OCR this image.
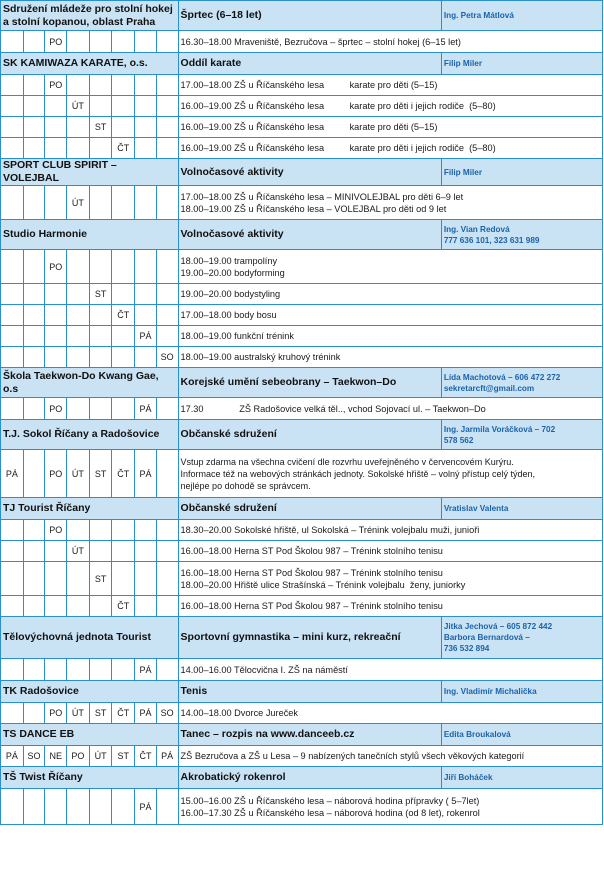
Sdružení mládeže pro stolní hokej
a stolní kopanou, oblast Praha								Šprtec (6–18 let)	Ing. Petra Mátlová

		PO						16.30–18.00 Mraveniště, Bezručova – šprtec – stolní hokej (6–15 let)	

SK KAMIWAZA KARATE, o.s.								Oddíl karate	Filip Miler

		PO						17.00–18.00 ZŠ u Říčanského lesa          karate pro děti (5–15)	

			ÚT					16.00–19.00 ZŠ u Říčanského lesa          karate pro děti i jejich rodiče  (5–80)	

				ST				16.00–19.00 ZŠ u Říčanského lesa          karate pro děti (5–15)	

					ČT			16.00–19.00 ZŠ u Říčanského lesa          karate pro děti i jejich rodiče  (5–80)	

SPORT CLUB SPIRIT – VOLEJBAL								Volnočasové aktivity	Filip Miler

			ÚT					17.00–18.00 ZŠ u Říčanského lesa – MINIVOLEJBAL pro děti 6–9 let
18.00–19.00 ZŠ u Říčanského lesa – VOLEJBAL pro děti od 9 let	

Studio Harmonie								Volnočasové aktivity	Ing. Vian Redová
777 636 101, 323 631 989

		PO						18.00–19.00 trampolíny
19.00–20.00 bodyforming	

				ST				19.00–20.00 bodystyling	

					ČT			17.00–18.00 body bosu	

						PÁ		18.00–19.00 funkční trénink	

							SO	18.00–19.00 australský kruhový trénink	

Škola Taekwon-Do Kwang Gae, o.s								Korejské umění sebeobrany – Taekwon–Do	Lída Machotová – 606 472 272
sekretarcft@gmail.com

		PO				PÁ		17.30              ZŠ Radošovice velká těl.., vchod Sojovací ul. – Taekwon–Do	

T.J. Sokol Říčany a Radošovice								Občanské sdružení	Ing. Jarmila Voráčková – 702
578 562

PÁ		PO	ÚT	ST	ČT	PÁ		Vstup zdarma na všechna cvičení dle rozvrhu uveřejněného v červencovém Kurýru.
Informace též na webových stránkách jednoty. Sokolské hřiště – volný přístup celý týden,
nejlépe po dohodě se správcem.	

TJ Tourist Říčany								Občanské sdružení	Vratislav Valenta

		PO						18.30–20.00 Sokolské hřiště, ul Sokolská – Trénink volejbalu muži, junioři	

			ÚT					16.00–18.00 Herna ST Pod Školou 987 – Trénink stolního tenisu	

				ST				16.00–18.00 Herna ST Pod Školou 987 – Trénink stolního tenisu
18.00–20.00 Hřiště ulice Strašínská – Trénink volejbalu  ženy, juniorky	

					ČT			16.00–18.00 Herna ST Pod Školou 987 – Trénink stolního tenisu	

Tělovýchovná jednota Tourist								Sportovní gymnastika – mini kurz, rekreační	Jitka Jechová – 605 872 442
Barbora Bernardová –
736 532 894

						PÁ		14.00–16.00 Tělocvična I. ZŠ na náměstí	

TK Radošovice								Tenis	Ing. Vladimír Michalička

		PO	ÚT	ST	ČT	PÁ	SO	14.00–18.00 Dvorce Jureček	

TS DANCE EB								Tanec – rozpis na www.danceeb.cz	Edita Broukalová

PÁ	SO	NE	PO	ÚT	ST	ČT	PÁ	ZŠ Bezručova a ZŠ u Lesa – 9 nabízených tanečních stylů všech věkových kategorií	

TŠ Twist Říčany								Akrobatický rokenrol	Jiří Boháček

						PÁ		15.00–16.00 ZŠ u Říčanského lesa – náborová hodina přípravky ( 5–7let)
16.00–17.30 ZŠ u Říčanského lesa – náborová hodina (od 8 let), rokenrol	
